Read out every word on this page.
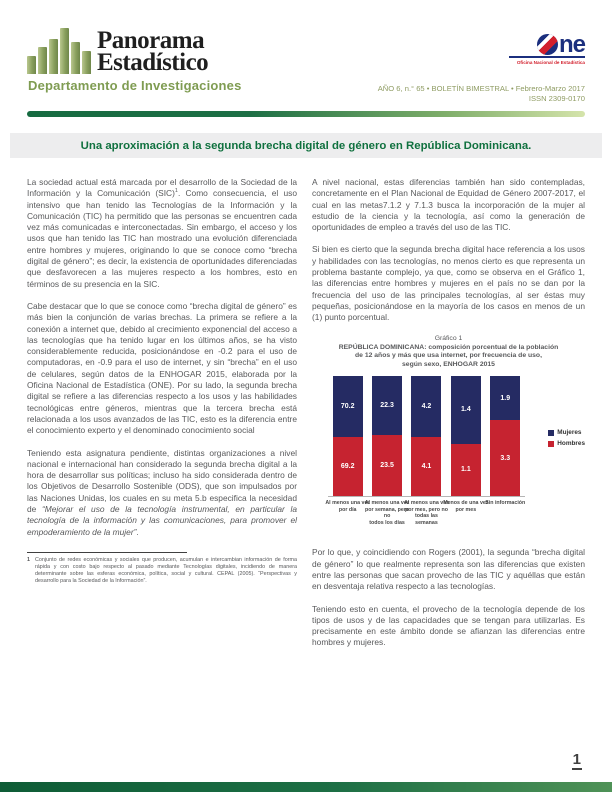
Panorama
Estadístico
Departamento de Investigaciones
ne
Oficina Nacional de Estadística
AÑO 6, n.° 65 • BOLETÍN BIMESTRAL • Febrero-Marzo 2017
ISSN 2309-0170
Una aproximación a la segunda brecha digital de género en República Dominicana.

La sociedad actual está marcada por el desarrollo de la Sociedad de la Información y la Comunicación (SIC)$^1$. Como consecuencia, el uso intensivo que han tenido las Tecnologías de la Información y la Comunicación (TIC) ha permitido que las personas se encuentren cada vez más comunicadas e interconectadas. Sin embargo, el acceso y los usos que han tenido las TIC han mostrado una evolución diferenciada entre hombres y mujeres, originando lo que se conoce como “brecha digital de género”; es decir, la existencia de oportunidades diferenciadas que desfavorecen a las mujeres respecto a los hombres, esto en términos de su presencia en la SIC.

Cabe destacar que lo que se conoce como “brecha digital de género” es más bien la conjunción de varias brechas. La primera se refiere a la conexión a internet que, debido al crecimiento exponencial del acceso a las tecnologías que ha tenido lugar en los últimos años, se ha visto considerablemente reducida, posicionándose en -0.2 para el uso de computadoras, en -0.9 para el uso de internet, y sin “brecha” en el uso de celulares, según datos de la ENHOGAR 2015, elaborada por la Oficina Nacional de Estadística (ONE). Por su lado, la segunda brecha digital se refiere a las diferencias respecto a los usos y las habilidades tecnológicas entre géneros, mientras que la tercera brecha está relacionada a los usos avanzados de las TIC, esto es la diferencia entre el conocimiento experto y el denominado conocimiento social

Teniendo esta asignatura pendiente, distintas organizaciones a nivel nacional e internacional han considerado la segunda brecha digital a la hora de desarrollar sus políticas; incluso ha sido considerada dentro de los Objetivos de Desarrollo Sostenible (ODS), que son impulsados por las Naciones Unidas, los cuales en su meta 5.b especifica la necesidad de “Mejorar el uso de la tecnología instrumental, en particular la tecnología de la información y las comunicaciones, para promover el empoderamiento de la mujer”.

1 Conjunto de redes económicas y sociales que producen, acumulan e intercambian información de forma rápida y con costo bajo respecto al pasado mediante Tecnologías digitales, incidiendo de manera determinante sobre las esferas económica, política, social y cultural. CEPAL (2005). “Perspectivas y desarrollo para la Sociedad de la Información”.

A nivel nacional, estas diferencias también han sido contempladas, concretamente en el Plan Nacional de Equidad de Género 2007-2017, el cual en las metas7.1.2 y 7.1.3 busca la incorporación de la mujer al estudio de la ciencia y la tecnología, así como la generación de oportunidades de empleo a través del uso de las TIC.

Si bien es cierto que la segunda brecha digital hace referencia a los usos y habilidades con las tecnologías, no menos cierto es que representa un problema bastante complejo, ya que, como se observa en el Gráfico 1, las diferencias entre hombres y mujeres en el país no se dan por la frecuencia del uso de las principales tecnologías, al ser éstas muy pequeñas, posicionándose en la mayoría de los casos en menos de un (1) punto porcentual.

Gráfico 1
REPÚBLICA DOMINICANA: composición porcentual de la población
de 12 años y más que usa internet, por frecuencia de uso,
según sexo, ENHOGAR 2015
70.2
69.2
Al menos una vez
por día
22.3
23.5
Al menos una vez
por semana, pero no
todos los días
4.2
4.1
Al menos una vez
por mes, pero no
todas las semanas
1.4
1.1
Menos de una vez
por mes
1.9
3.3
Sin información
Mujeres
Hombres

Por lo que, y coincidiendo con Rogers (2001), la segunda “brecha digital de género” lo que realmente representa son las diferencias que existen entre las personas que sacan provecho de las TIC y aquéllas que están en desventaja relativa respecto a las tecnologías.

Teniendo esto en cuenta, el provecho de la tecnología depende de los tipos de usos y de las capacidades que se tengan para utilizarlas. Es precisamente en este ámbito donde se afianzan las diferencias entre hombres y mujeres.

1
